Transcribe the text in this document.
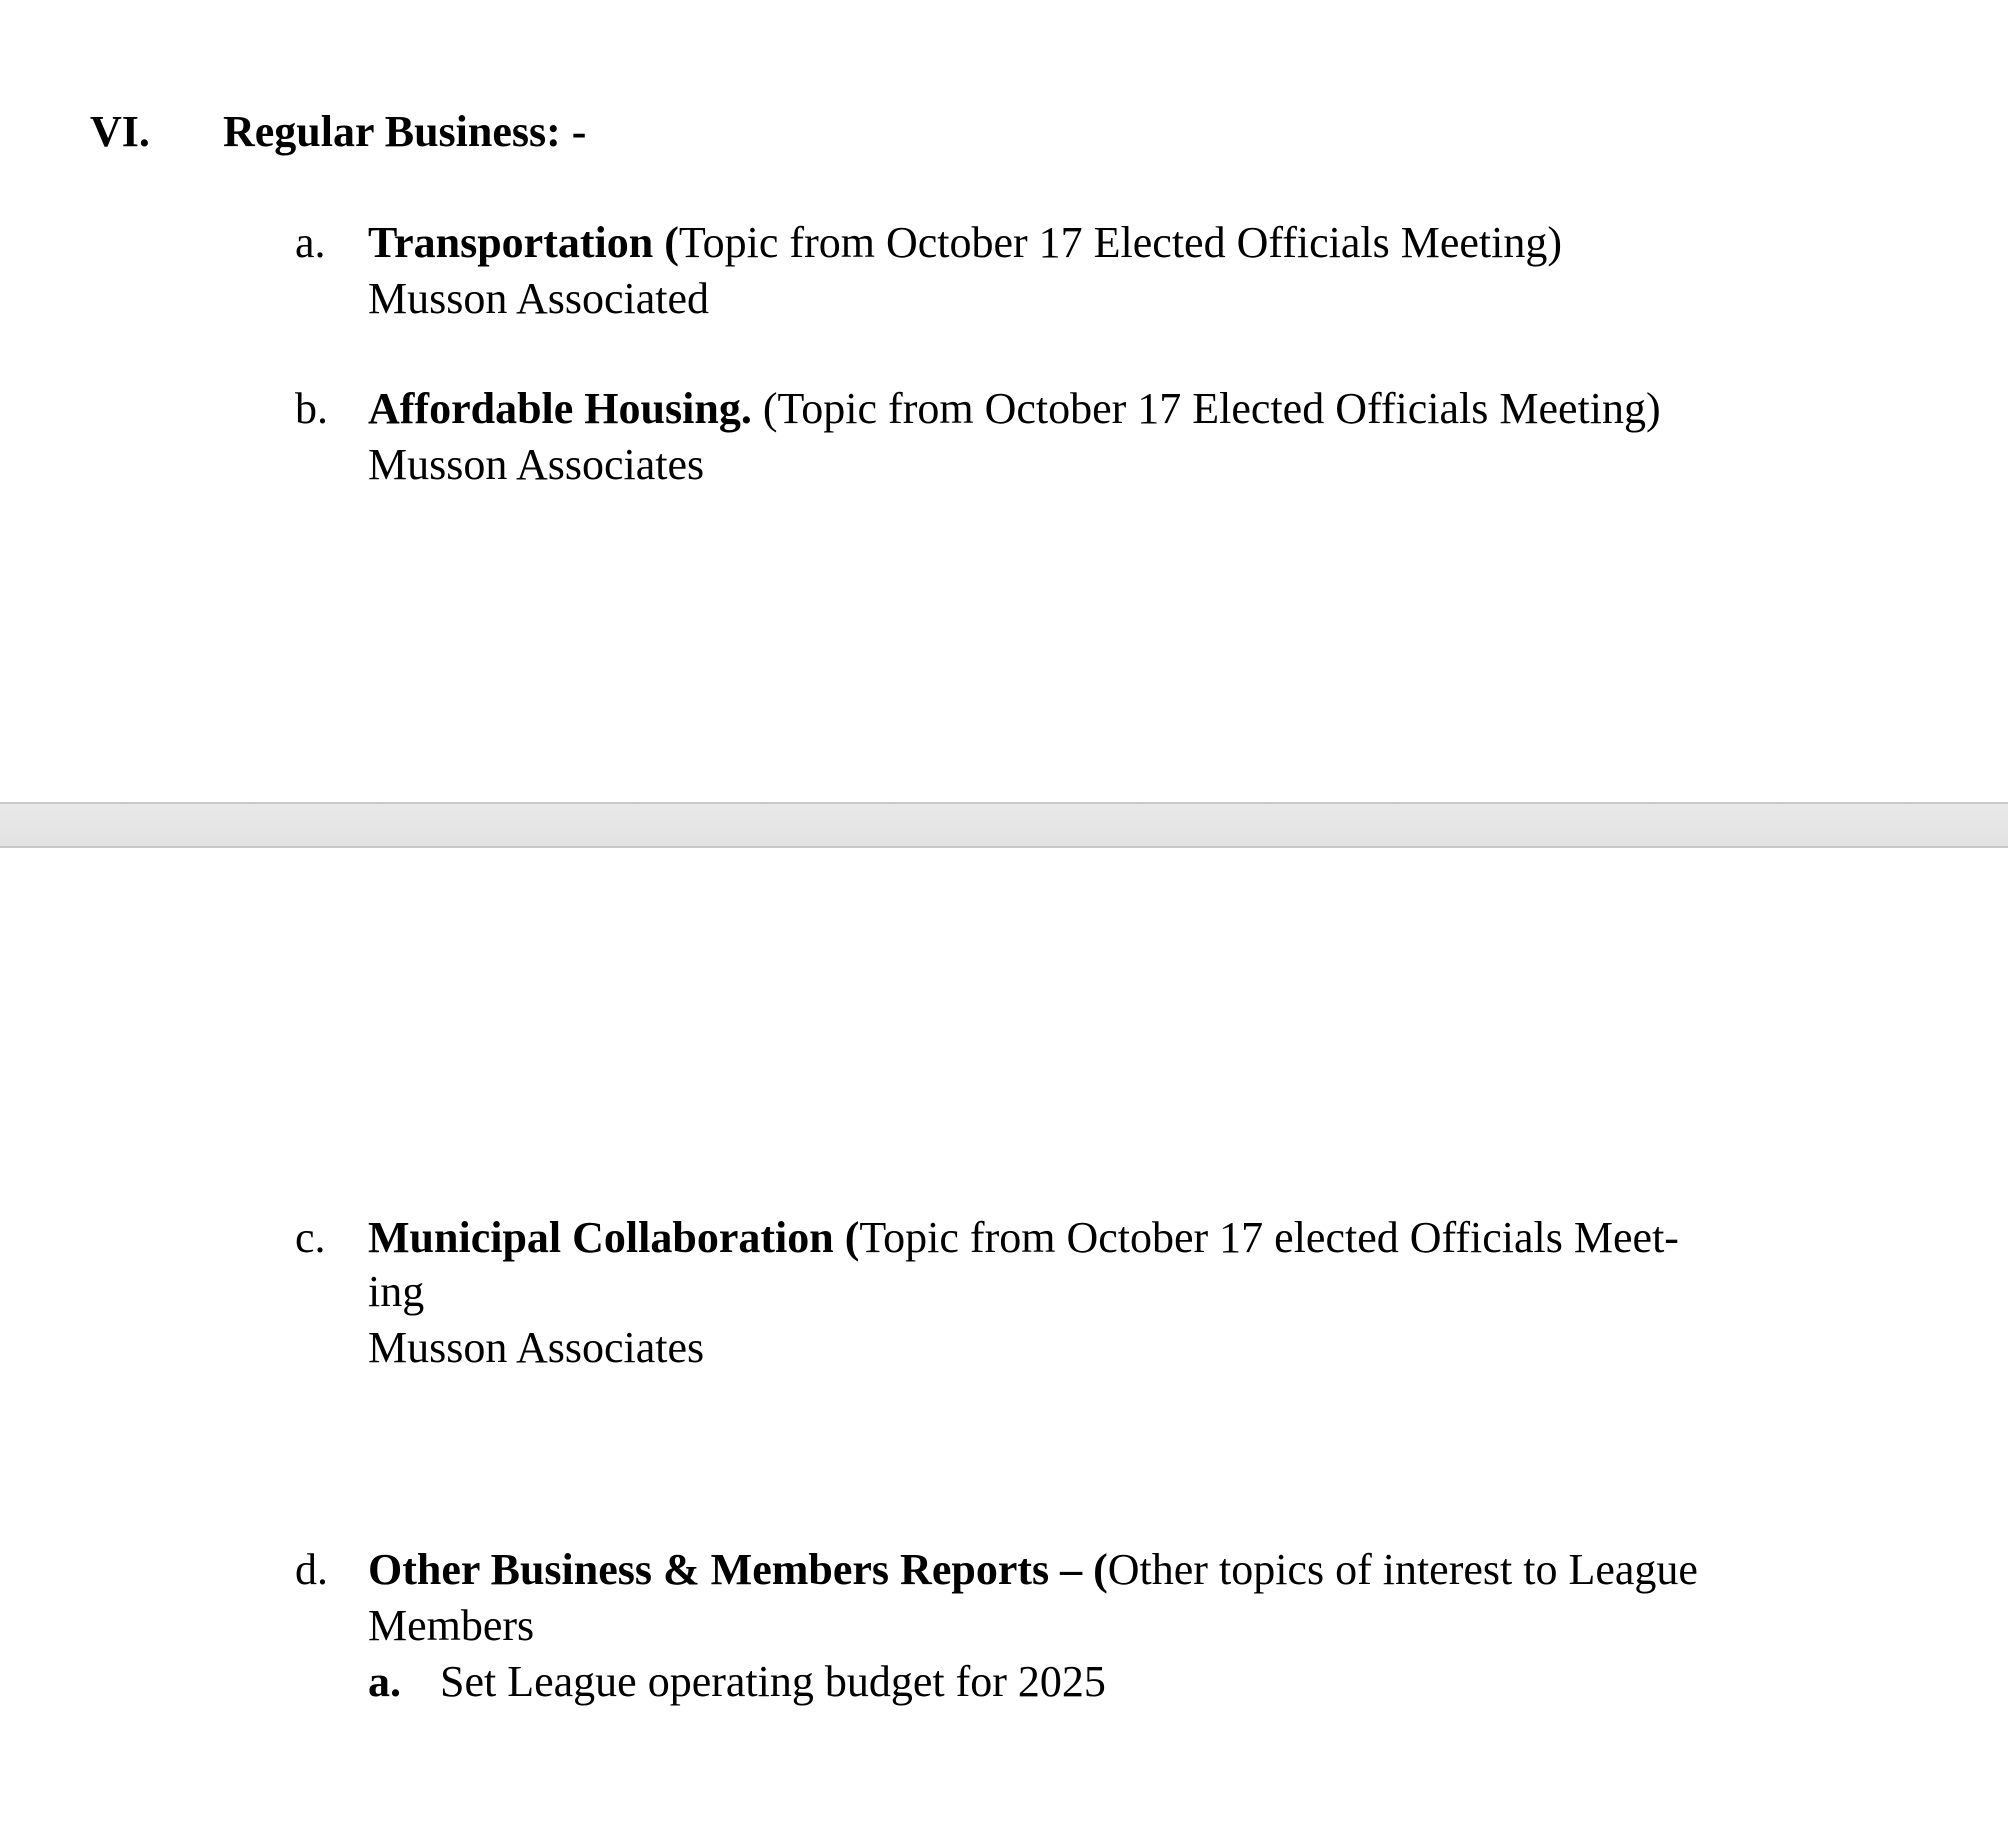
VI. Regular Business: -
a. Transportation (Topic from October 17 Elected Officials Meeting)
Musson Associated
b. Affordable Housing. (Topic from October 17 Elected Officials Meeting)
Musson Associates
c. Municipal Collaboration (Topic from October 17 elected Officials Meet-
ing
Musson Associates
d. Other Business & Members Reports – (Other topics of interest to League
Members
a. Set League operating budget for 2025
